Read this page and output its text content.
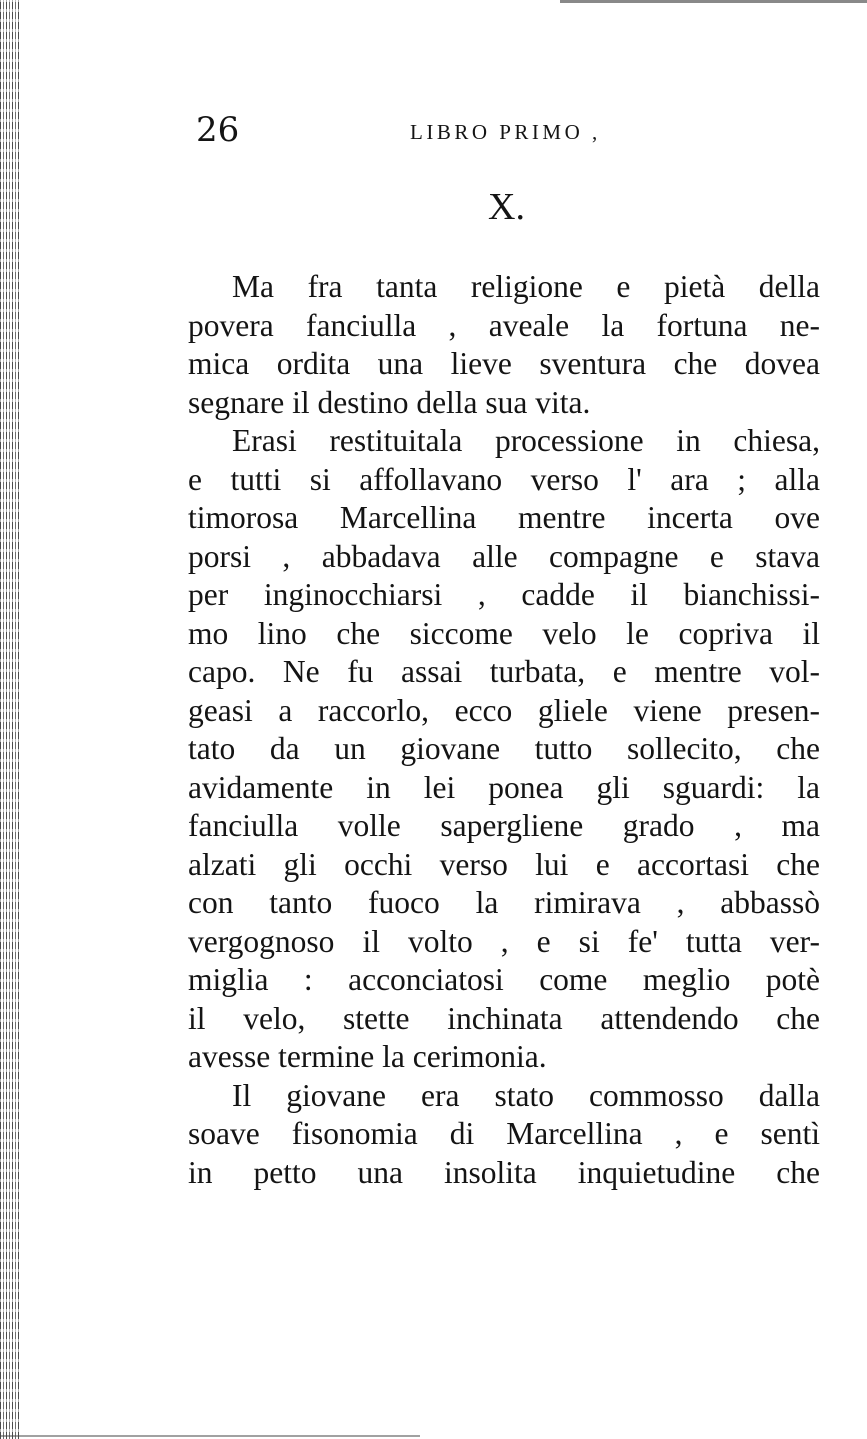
26	LIBRO PRIMO ,
X.

Ma fra tanta religione e pietà della
povera fanciulla , aveale la fortuna ne-
mica ordita una lieve sventura che dovea
segnare il destino della sua vita.

Erasi restituitala processione in chiesa,
e tutti si affollavano verso l' ara ; alla
timorosa Marcellina mentre incerta ove
porsi , abbadava alle compagne e stava
per inginocchiarsi , cadde il bianchissi-
mo lino che siccome velo le copriva il
capo. Ne fu assai turbata, e mentre vol-
geasi a raccorlo, ecco gliele viene presen-
tato da un giovane tutto sollecito, che
avidamente in lei ponea gli sguardi: la
fanciulla volle sapergliene grado , ma
alzati gli occhi verso lui e accortasi che
con tanto fuoco la rimirava , abbassò
vergognoso il volto , e si fe' tutta ver-
miglia : acconciatosi come meglio potè
il velo, stette inchinata attendendo che
avesse termine la cerimonia.

Il giovane era stato commosso dalla
soave fisonomia di Marcellina , e sentì
in petto una insolita inquietudine che
